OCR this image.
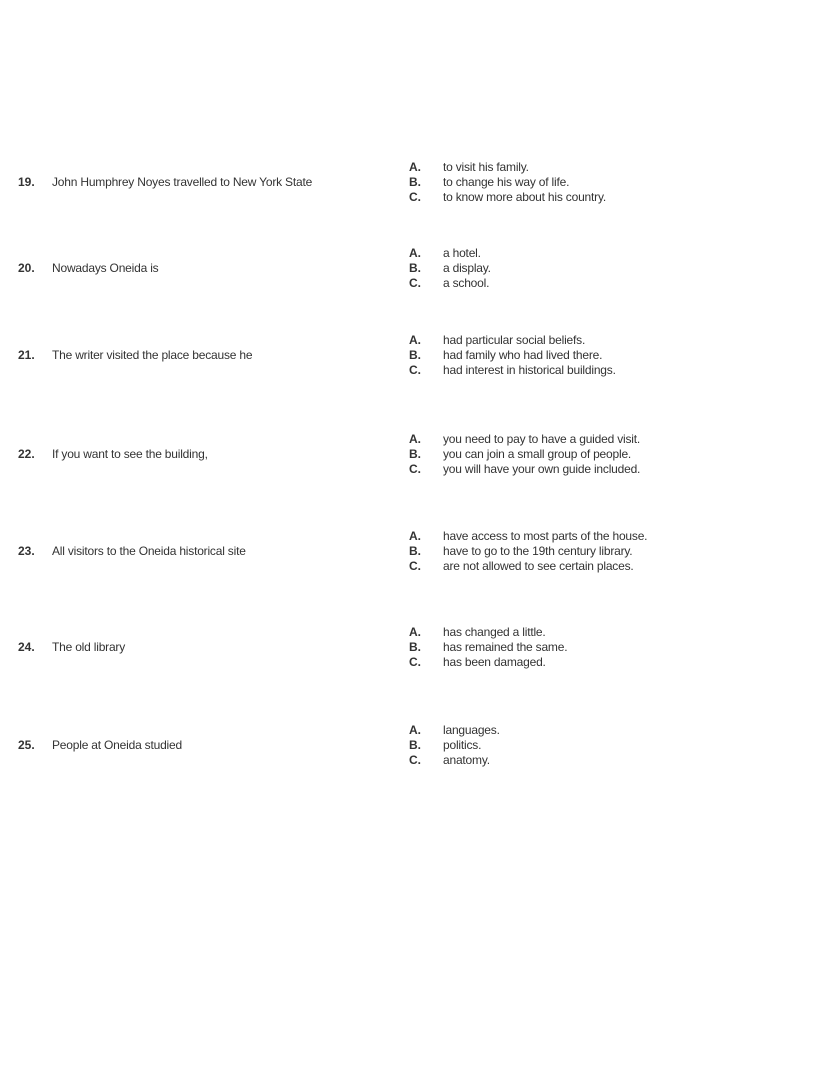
19. John Humphrey Noyes travelled to New York State
A. to visit his family.
B. to change his way of life.
C. to know more about his country.
20. Nowadays Oneida is
A. a hotel.
B. a display.
C. a school.
21. The writer visited the place because he
A. had particular social beliefs.
B. had family who had lived there.
C. had interest in historical buildings.
22. If you want to see the building,
A. you need to pay to have a guided visit.
B. you can join a small group of people.
C. you will have your own guide included.
23. All visitors to the Oneida historical site
A. have access to most parts of the house.
B. have to go to the 19th century library.
C. are not allowed to see certain places.
24. The old library
A. has changed a little.
B. has remained the same.
C. has been damaged.
25. People at Oneida studied
A. languages.
B. politics.
C. anatomy.
